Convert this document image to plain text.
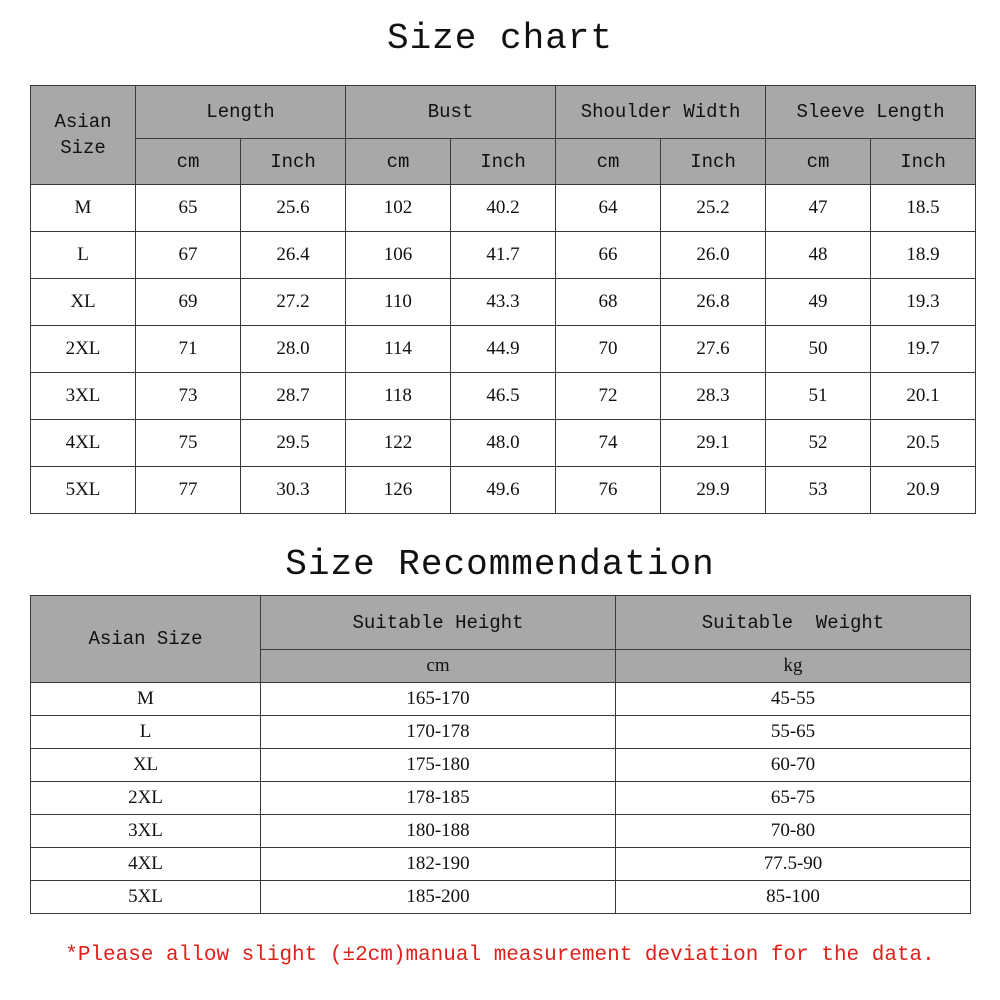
Size chart
Asian Size	Length		Bust		Shoulder Width		Sleeve Length	
	cm	Inch	cm	Inch	cm	Inch	cm	Inch
M	65	25.6	102	40.2	64	25.2	47	18.5
L	67	26.4	106	41.7	66	26.0	48	18.9
XL	69	27.2	110	43.3	68	26.8	49	19.3
2XL	71	28.0	114	44.9	70	27.6	50	19.7
3XL	73	28.7	118	46.5	72	28.3	51	20.1
4XL	75	29.5	122	48.0	74	29.1	52	20.5
5XL	77	30.3	126	49.6	76	29.9	53	20.9
Size Recommendation
Asian Size	Suitable Height	Suitable  Weight
	cm	kg
M	165-170	45-55
L	170-178	55-65
XL	175-180	60-70
2XL	178-185	65-75
3XL	180-188	70-80
4XL	182-190	77.5-90
5XL	185-200	85-100
*Please allow slight (±2cm)manual measurement deviation for the data.
